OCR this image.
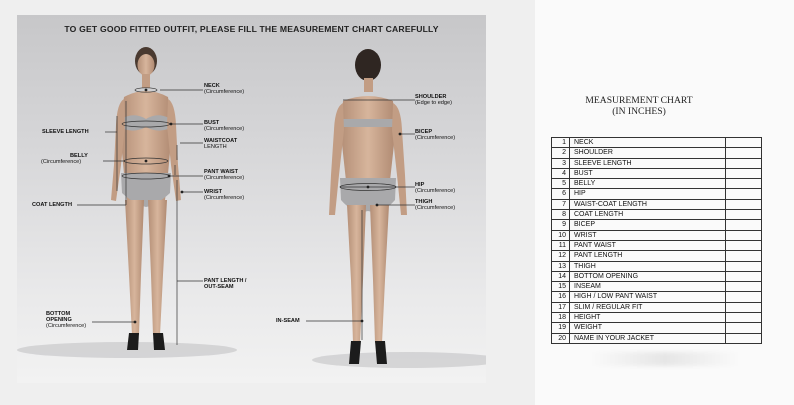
TO GET GOOD FITTED OUTFIT, PLEASE FILL THE MEASUREMENT CHART CAREFULLY

NECK
(Circumference)
BUST
(Circumference)
WAISTCOAT
LENGTH
PANT WAIST
(Circumference)
WRIST
(Circumference)
SLEEVE LENGTH
BELLY
(Circumference)
COAT LENGTH
PANT LENGTH /
OUT-SEAM
BOTTOM
OPENING
(Circumference)
SHOULDER
(Edge to edge)
BICEP
(Circumference)
HIP
(Circumference)
THIGH
(Circumference)
IN-SEAM
MEASUREMENT CHART
(IN INCHES)
1	NECK	
2	SHOULDER	
3	SLEEVE LENGTH	
4	BUST	
5	BELLY	
6	HIP	
7	WAIST-COAT LENGTH	
8	COAT LENGTH	
9	BICEP	
10	WRIST	
11	PANT WAIST	
12	PANT LENGTH	
13	THIGH	
14	BOTTOM OPENING	
15	INSEAM	
16	HIGH / LOW PANT WAIST	
17	SLIM / REGULAR FIT	
18	HEIGHT	
19	WEIGHT	
20	NAME IN YOUR JACKET	
